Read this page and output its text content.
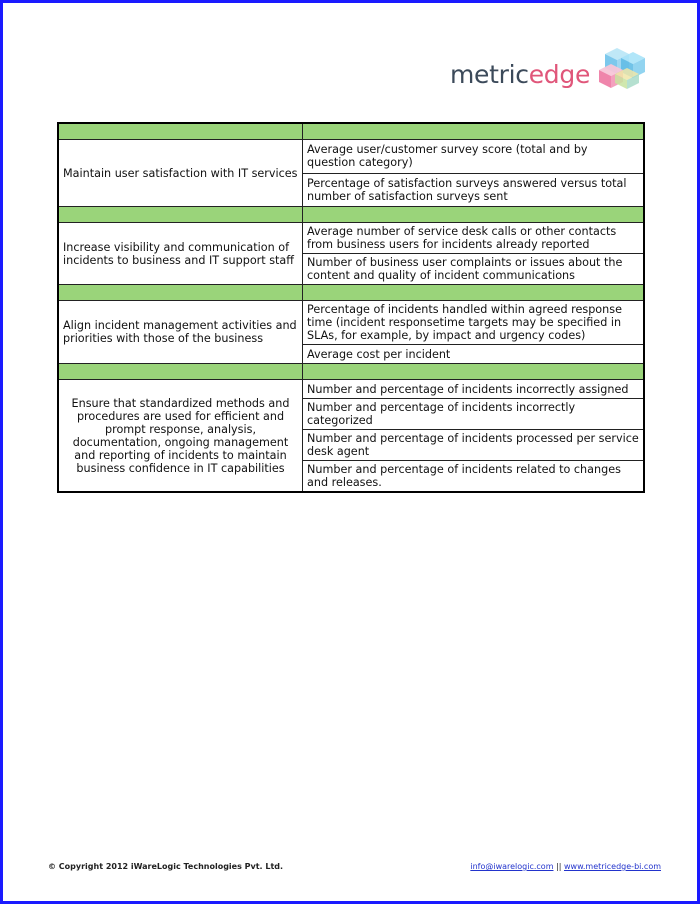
metricedge

Maintain user satisfaction with IT services	Average user/customer survey score (total and by question category)
	Percentage of satisfaction surveys answered versus total number of satisfaction surveys sent

Increase visibility and communication of incidents to business and IT support staff	Average number of service desk calls or other contacts from business users for incidents already reported
	Number of business user complaints or issues about the content and quality of incident communications

Align incident management activities and priorities with those of the business	Percentage of incidents handled within agreed response time (incident responsetime targets may be specified in SLAs, for example, by impact and urgency codes)
	Average cost per incident

Ensure that standardized methods and procedures are used for efficient and prompt response, analysis, documentation, ongoing management and reporting of incidents to maintain business confidence in IT capabilities	Number and percentage of incidents incorrectly assigned
	Number and percentage of incidents incorrectly categorized
	Number and percentage of incidents processed per service desk agent
	Number and percentage of incidents related to changes and releases.
© Copyright 2012 iWareLogic Technologies Pvt. Ltd.	info@iwarelogic.com || www.metricedge-bi.com
